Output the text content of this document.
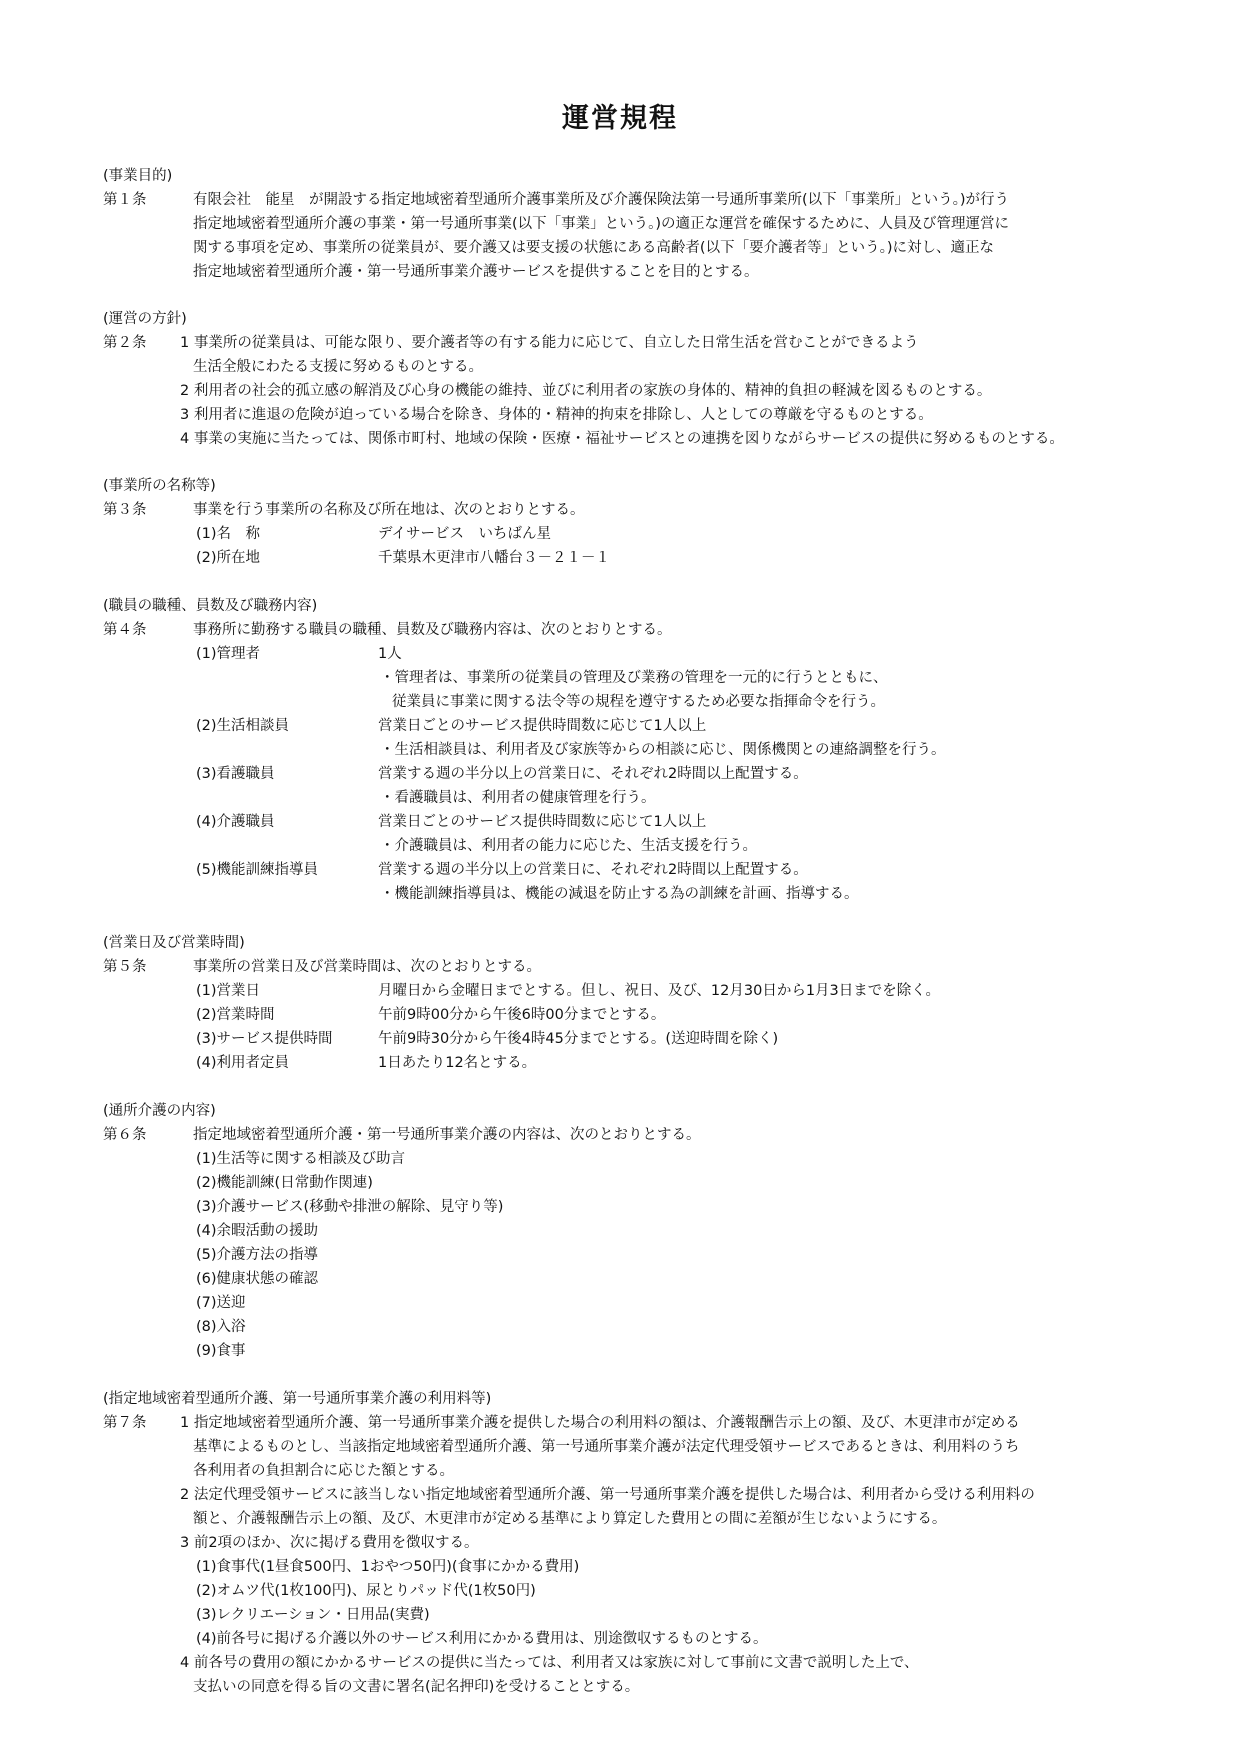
運営規程
(事業目的)
第１条	有限会社　能星　が開設する指定地域密着型通所介護事業所及び介護保険法第一号通所事業所(以下「事業所」という。)が行う
指定地域密着型通所介護の事業・第一号通所事業(以下「事業」という。)の適正な運営を確保するために、人員及び管理運営に
関する事項を定め、事業所の従業員が、要介護又は要支援の状態にある高齢者(以下「要介護者等」という。)に対し、適正な
指定地域密着型通所介護・第一号通所事業介護サービスを提供することを目的とする。
(運営の方針)
第２条 1 事業所の従業員は、可能な限り、要介護者等の有する能力に応じて、自立した日常生活を営むことができるよう
生活全般にわたる支援に努めるものとする。
2 利用者の社会的孤立感の解消及び心身の機能の維持、並びに利用者の家族の身体的、精神的負担の軽減を図るものとする。
3 利用者に進退の危険が迫っている場合を除き、身体的・精神的拘束を排除し、人としての尊厳を守るものとする。
4 事業の実施に当たっては、関係市町村、地域の保険・医療・福祉サービスとの連携を図りながらサービスの提供に努めるものとする。
(事業所の名称等)
第３条	事業を行う事業所の名称及び所在地は、次のとおりとする。
(1)名　称	デイサービス　いちばん星
(2)所在地	千葉県木更津市八幡台３－２１－１
(職員の職種、員数及び職務内容)
第４条	事務所に勤務する職員の職種、員数及び職務内容は、次のとおりとする。
(1)管理者	1人
・管理者は、事業所の従業員の管理及び業務の管理を一元的に行うとともに、
従業員に事業に関する法令等の規程を遵守するため必要な指揮命令を行う。
(2)生活相談員	営業日ごとのサービス提供時間数に応じて1人以上
・生活相談員は、利用者及び家族等からの相談に応じ、関係機関との連絡調整を行う。
(3)看護職員	営業する週の半分以上の営業日に、それぞれ2時間以上配置する。
・看護職員は、利用者の健康管理を行う。
(4)介護職員	営業日ごとのサービス提供時間数に応じて1人以上
・介護職員は、利用者の能力に応じた、生活支援を行う。
(5)機能訓練指導員	営業する週の半分以上の営業日に、それぞれ2時間以上配置する。
・機能訓練指導員は、機能の減退を防止する為の訓練を計画、指導する。
(営業日及び営業時間)
第５条	事業所の営業日及び営業時間は、次のとおりとする。
(1)営業日	月曜日から金曜日までとする。但し、祝日、及び、12月30日から1月3日までを除く。
(2)営業時間	午前9時00分から午後6時00分までとする。
(3)サービス提供時間	午前9時30分から午後4時45分までとする。(送迎時間を除く)
(4)利用者定員	1日あたり12名とする。
(通所介護の内容)
第６条	指定地域密着型通所介護・第一号通所事業介護の内容は、次のとおりとする。
(1)生活等に関する相談及び助言
(2)機能訓練(日常動作関連)
(3)介護サービス(移動や排泄の解除、見守り等)
(4)余暇活動の援助
(5)介護方法の指導
(6)健康状態の確認
(7)送迎
(8)入浴
(9)食事
(指定地域密着型通所介護、第一号通所事業介護の利用料等)
第７条 1 指定地域密着型通所介護、第一号通所事業介護を提供した場合の利用料の額は、介護報酬告示上の額、及び、木更津市が定める
基準によるものとし、当該指定地域密着型通所介護、第一号通所事業介護が法定代理受領サービスであるときは、利用料のうち
各利用者の負担割合に応じた額とする。
2 法定代理受領サービスに該当しない指定地域密着型通所介護、第一号通所事業介護を提供した場合は、利用者から受ける利用料の
額と、介護報酬告示上の額、及び、木更津市が定める基準により算定した費用との間に差額が生じないようにする。
3 前2項のほか、次に掲げる費用を徴収する。
(1)食事代(1昼食500円、1おやつ50円)(食事にかかる費用)
(2)オムツ代(1枚100円)、尿とりパッド代(1枚50円)
(3)レクリエーション・日用品(実費)
(4)前各号に掲げる介護以外のサービス利用にかかる費用は、別途徴収するものとする。
4 前各号の費用の額にかかるサービスの提供に当たっては、利用者又は家族に対して事前に文書で説明した上で、
支払いの同意を得る旨の文書に署名(記名押印)を受けることとする。
